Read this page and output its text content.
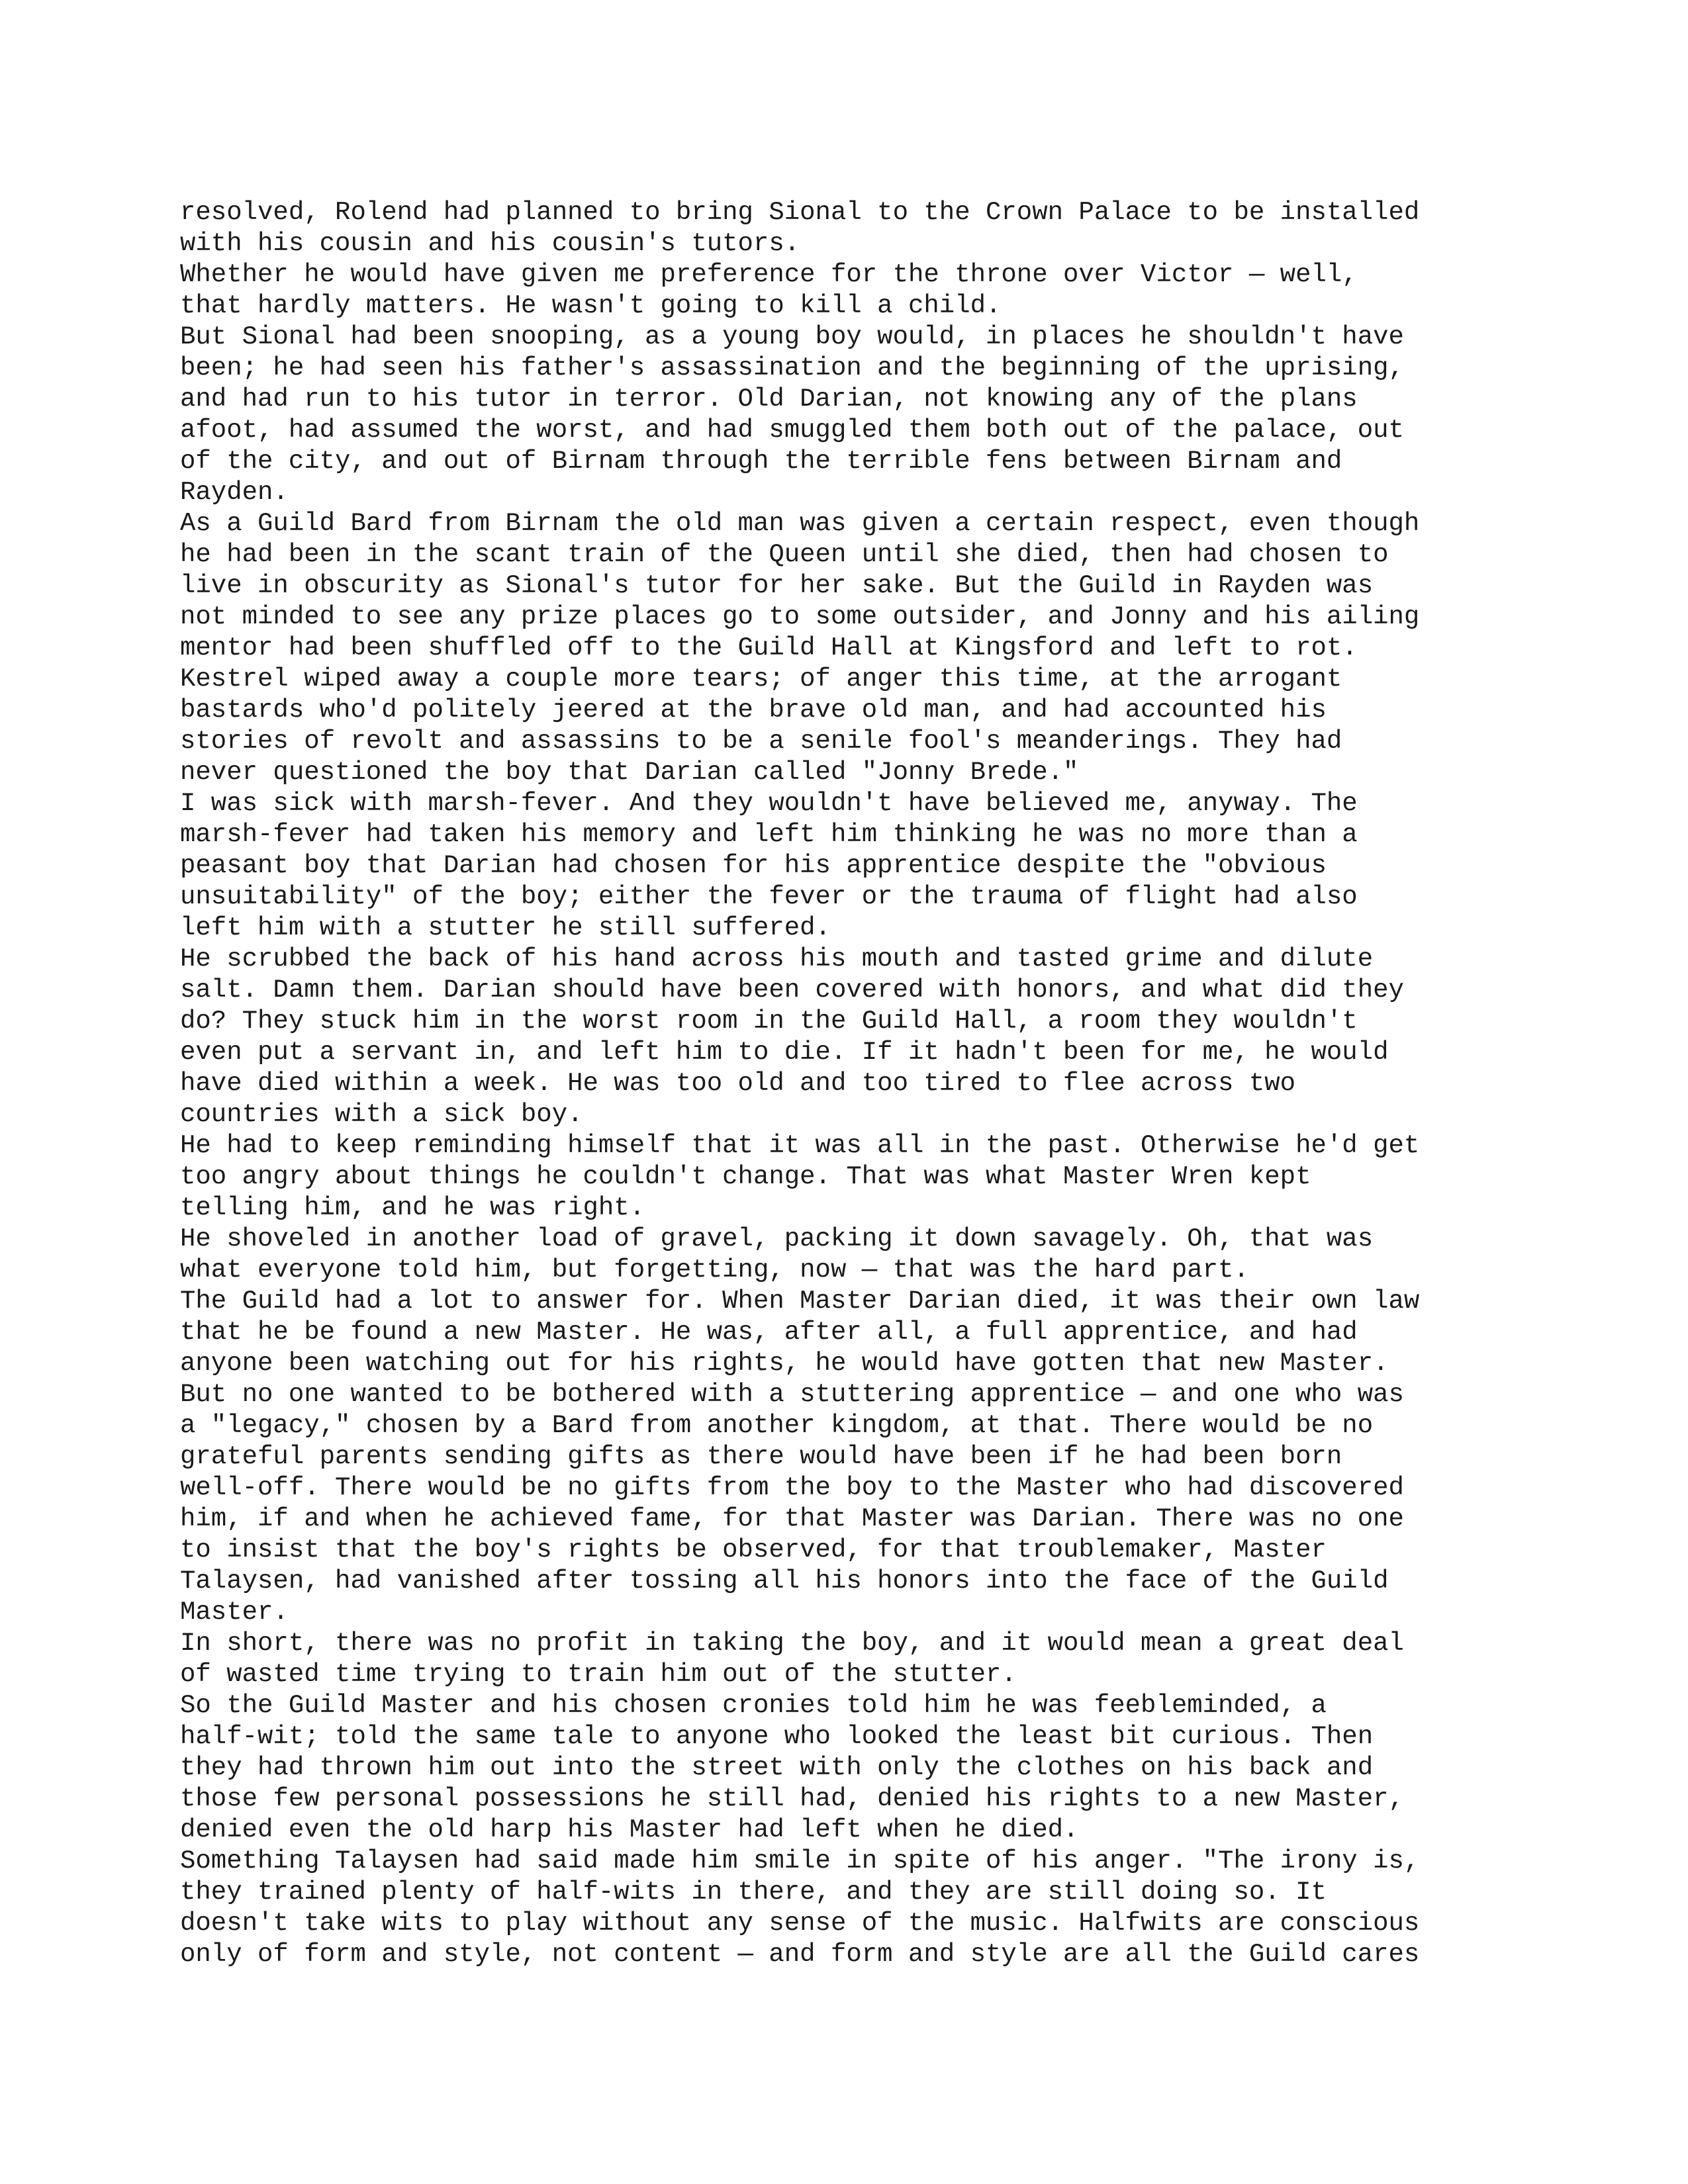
resolved, Rolend had planned to bring Sional to the Crown Palace to be installed
with his cousin and his cousin's tutors.

Whether he would have given me preference for the throne over Victor — well,
that hardly matters. He wasn't going to kill a child.

But Sional had been snooping, as a young boy would, in places he shouldn't have
been; he had seen his father's assassination and the beginning of the uprising,
and had run to his tutor in terror. Old Darian, not knowing any of the plans
afoot, had assumed the worst, and had smuggled them both out of the palace, out
of the city, and out of Birnam through the terrible fens between Birnam and
Rayden.

As a Guild Bard from Birnam the old man was given a certain respect, even though
he had been in the scant train of the Queen until she died, then had chosen to
live in obscurity as Sional's tutor for her sake. But the Guild in Rayden was
not minded to see any prize places go to some outsider, and Jonny and his ailing
mentor had been shuffled off to the Guild Hall at Kingsford and left to rot.

Kestrel wiped away a couple more tears; of anger this time, at the arrogant
bastards who'd politely jeered at the brave old man, and had accounted his
stories of revolt and assassins to be a senile fool's meanderings. They had
never questioned the boy that Darian called "Jonny Brede."

I was sick with marsh-fever. And they wouldn't have believed me, anyway. The
marsh-fever had taken his memory and left him thinking he was no more than a
peasant boy that Darian had chosen for his apprentice despite the "obvious
unsuitability" of the boy; either the fever or the trauma of flight had also
left him with a stutter he still suffered.

He scrubbed the back of his hand across his mouth and tasted grime and dilute
salt. Damn them. Darian should have been covered with honors, and what did they
do? They stuck him in the worst room in the Guild Hall, a room they wouldn't
even put a servant in, and left him to die. If it hadn't been for me, he would
have died within a week. He was too old and too tired to flee across two
countries with a sick boy.

He had to keep reminding himself that it was all in the past. Otherwise he'd get
too angry about things he couldn't change. That was what Master Wren kept
telling him, and he was right.

He shoveled in another load of gravel, packing it down savagely. Oh, that was
what everyone told him, but forgetting, now — that was the hard part.

The Guild had a lot to answer for. When Master Darian died, it was their own law
that he be found a new Master. He was, after all, a full apprentice, and had
anyone been watching out for his rights, he would have gotten that new Master.
But no one wanted to be bothered with a stuttering apprentice — and one who was
a "legacy," chosen by a Bard from another kingdom, at that. There would be no
grateful parents sending gifts as there would have been if he had been born
well-off. There would be no gifts from the boy to the Master who had discovered
him, if and when he achieved fame, for that Master was Darian. There was no one
to insist that the boy's rights be observed, for that troublemaker, Master
Talaysen, had vanished after tossing all his honors into the face of the Guild
Master.

In short, there was no profit in taking the boy, and it would mean a great deal
of wasted time trying to train him out of the stutter.

So the Guild Master and his chosen cronies told him he was feebleminded, a
half-wit; told the same tale to anyone who looked the least bit curious. Then
they had thrown him out into the street with only the clothes on his back and
those few personal possessions he still had, denied his rights to a new Master,
denied even the old harp his Master had left when he died.

Something Talaysen had said made him smile in spite of his anger. "The irony is,
they trained plenty of half-wits in there, and they are still doing so. It
doesn't take wits to play without any sense of the music. Halfwits are conscious
only of form and style, not content — and form and style are all the Guild cares
